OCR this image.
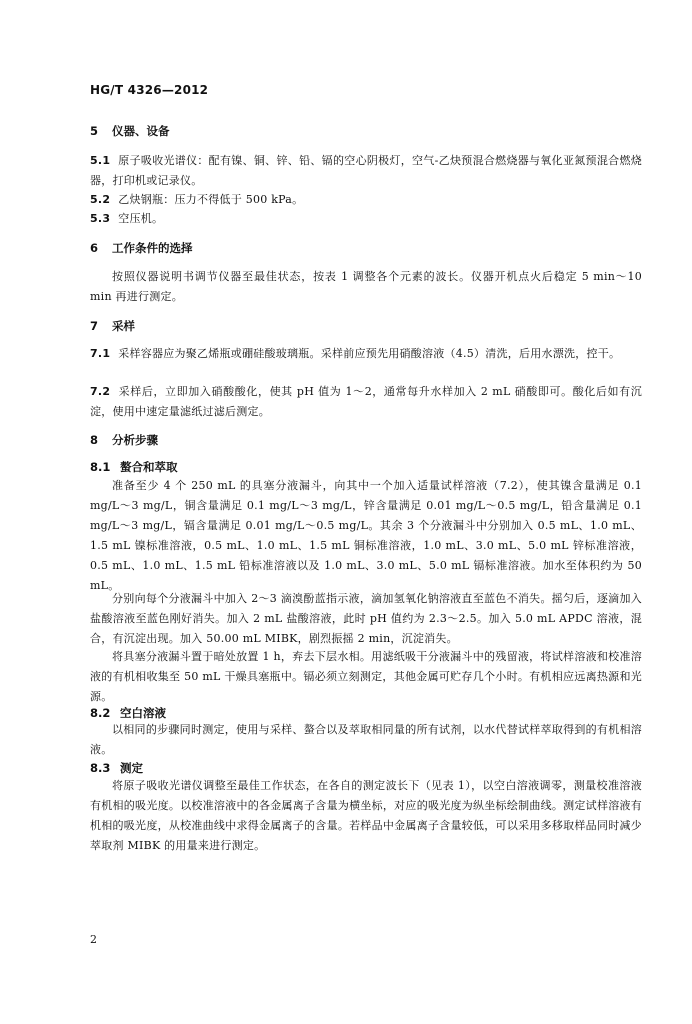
HG/T 4326—2012
5 仪器、设备
5.1 原子吸收光谱仪：配有镍、铜、锌、铅、镉的空心阴极灯，空气-乙炔预混合燃烧器与氧化亚氮预混合燃烧器，打印机或记录仪。
5.2 乙炔钢瓶：压力不得低于 500 kPa。
5.3 空压机。
6 工作条件的选择
按照仪器说明书调节仪器至最佳状态，按表 1 调整各个元素的波长。仪器开机点火后稳定 5 min～10 min 再进行测定。
7 采样
7.1 采样容器应为聚乙烯瓶或硼硅酸玻璃瓶。采样前应预先用硝酸溶液（4.5）清洗，后用水漂洗，控干。
7.2 采样后，立即加入硝酸酸化，使其 pH 值为 1～2，通常每升水样加入 2 mL 硝酸即可。酸化后如有沉淀，使用中速定量滤纸过滤后测定。
8 分析步骤
8.1 螯合和萃取
准备至少 4 个 250 mL 的具塞分液漏斗，向其中一个加入适量试样溶液（7.2），使其镍含量满足 0.1 mg/L～3 mg/L，铜含量满足 0.1 mg/L～3 mg/L，锌含量满足 0.01 mg/L～0.5 mg/L，铅含量满足 0.1 mg/L～3 mg/L，镉含量满足 0.01 mg/L～0.5 mg/L。其余 3 个分液漏斗中分别加入 0.5 mL、1.0 mL、1.5 mL 镍标准溶液，0.5 mL、1.0 mL、1.5 mL 铜标准溶液，1.0 mL、3.0 mL、5.0 mL 锌标准溶液，0.5 mL、1.0 mL、1.5 mL 铅标准溶液以及 1.0 mL、3.0 mL、5.0 mL 镉标准溶液。加水至体积约为 50 mL。
分别向每个分液漏斗中加入 2～3 滴溴酚蓝指示液，滴加氢氧化钠溶液直至蓝色不消失。摇匀后，逐滴加入盐酸溶液至蓝色刚好消失。加入 2 mL 盐酸溶液，此时 pH 值约为 2.3～2.5。加入 5.0 mL APDC 溶液，混合，有沉淀出现。加入 50.00 mL MIBK，剧烈振摇 2 min，沉淀消失。
将具塞分液漏斗置于暗处放置 1 h，弃去下层水相。用滤纸吸干分液漏斗中的残留液，将试样溶液和校准溶液的有机相收集至 50 mL 干燥具塞瓶中。镉必须立刻测定，其他金属可贮存几个小时。有机相应远离热源和光源。
8.2 空白溶液
以相同的步骤同时测定，使用与采样、螯合以及萃取相同量的所有试剂，以水代替试样萃取得到的有机相溶液。
8.3 测定
将原子吸收光谱仪调整至最佳工作状态，在各自的测定波长下（见表 1），以空白溶液调零，测量校准溶液有机相的吸光度。以校准溶液中的各金属离子含量为横坐标，对应的吸光度为纵坐标绘制曲线。测定试样溶液有机相的吸光度，从校准曲线中求得金属离子的含量。若样品中金属离子含量较低，可以采用多移取样品同时减少萃取剂 MIBK 的用量来进行测定。
2
